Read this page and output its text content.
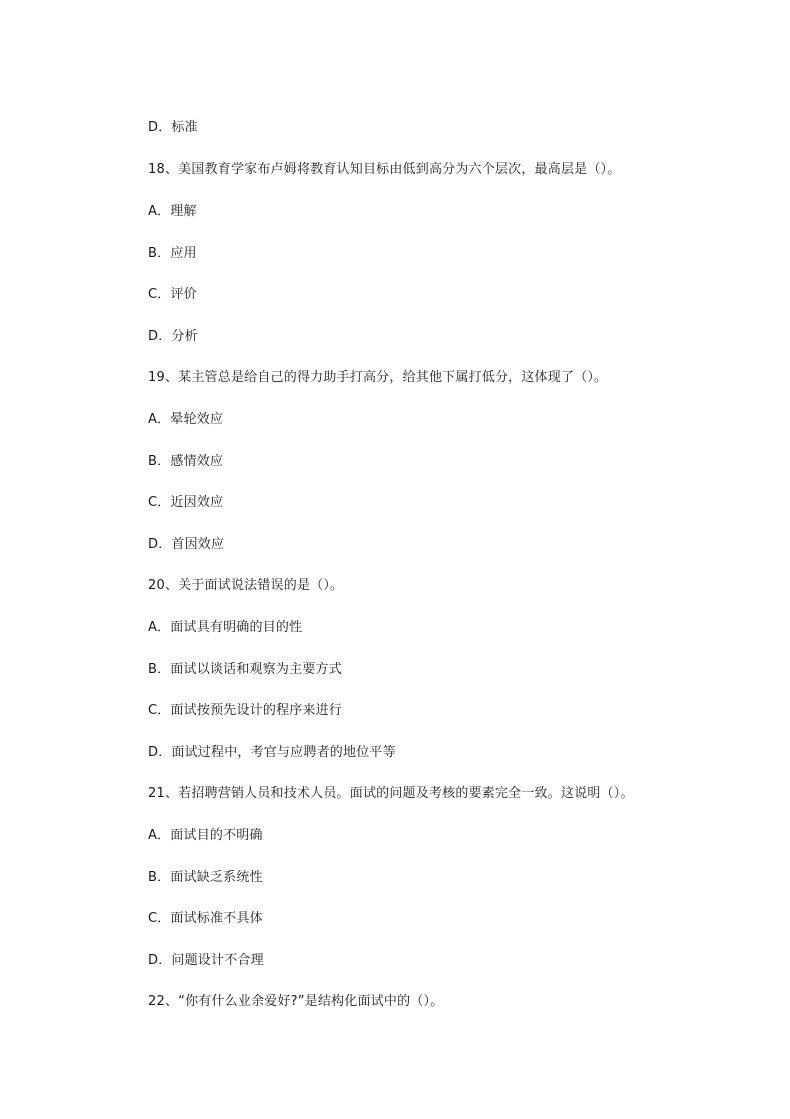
D．标准
18、美国教育学家布卢姆将教育认知目标由低到高分为六个层次，最高层是（）。
A．理解
B．应用
C．评价
D．分析
19、某主管总是给自己的得力助手打高分，给其他下属打低分，这体现了（）。
A．晕轮效应
B．感情效应
C．近因效应
D．首因效应
20、关于面试说法错误的是（）。
A．面试具有明确的目的性
B．面试以谈话和观察为主要方式
C．面试按预先设计的程序来进行
D．面试过程中，考官与应聘者的地位平等
21、若招聘营销人员和技术人员。面试的问题及考核的要素完全一致。这说明（）。
A．面试目的不明确
B．面试缺乏系统性
C．面试标准不具体
D．问题设计不合理
22、“你有什么业余爱好?”是结构化面试中的（）。
